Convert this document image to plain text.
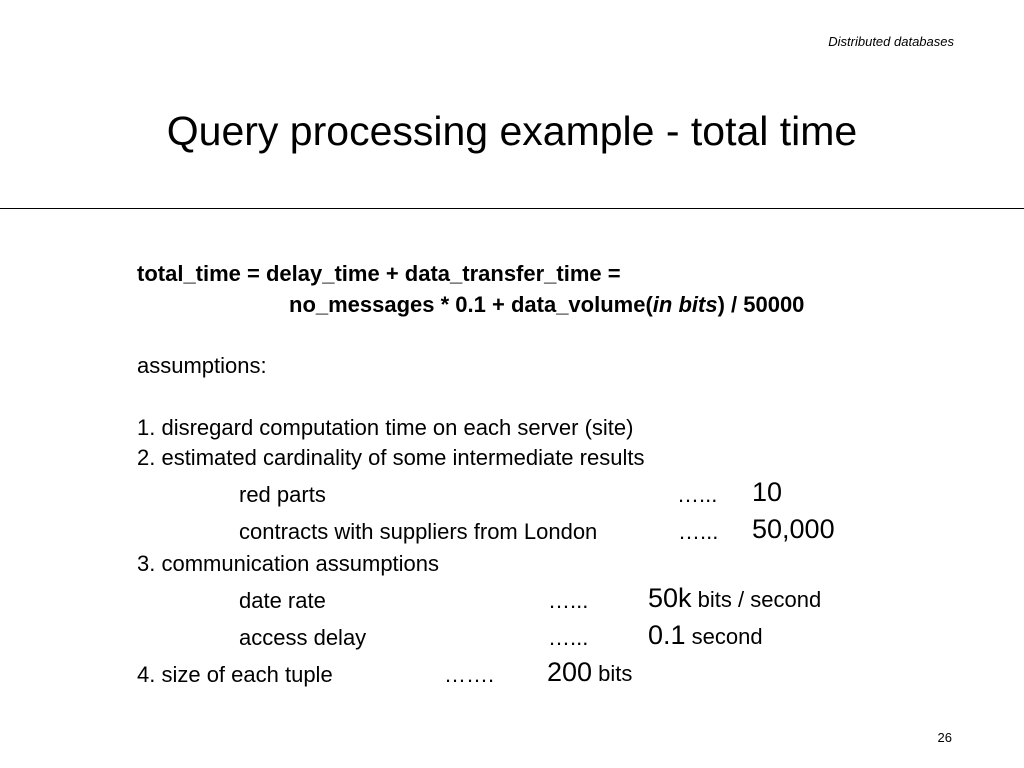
Distributed databases
Query processing example - total time
total_time = delay_time + data_transfer_time =
no_messages * 0.1 + data_volume(in bits) / 50000
assumptions:
1. disregard computation time on each server (site)
2. estimated cardinality of some intermediate results
red parts	…... 10
contracts with suppliers from London	…... 50,000
3. communication assumptions
date rate	…... 50k bits / second
access delay	…... 0.1 second
4. size of each tuple	……. 200 bits
26
